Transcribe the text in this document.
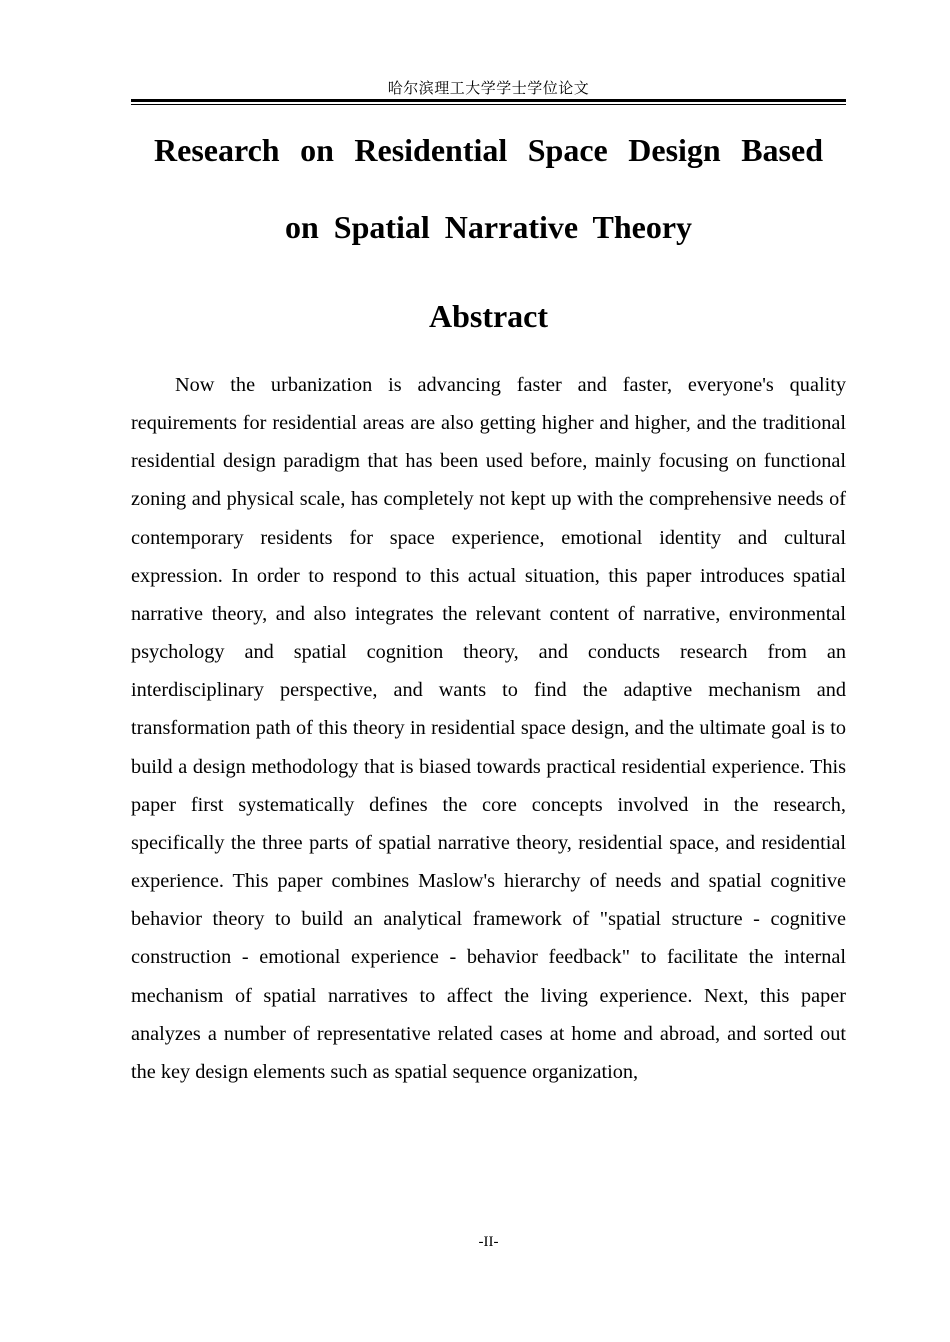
哈尔滨理工大学学士学位论文
Research on Residential Space Design Based
on Spatial Narrative Theory
Abstract

Now the urbanization is advancing faster and faster, everyone's quality requirements for residential areas are also getting higher and higher, and the traditional residential design paradigm that has been used before, mainly focusing on functional zoning and physical scale, has completely not kept up with the comprehensive needs of contemporary residents for space experience, emotional identity and cultural expression. In order to respond to this actual situation, this paper introduces spatial narrative theory, and also integrates the relevant content of narrative, environmental psychology and spatial cognition theory, and conducts research from an interdisciplinary perspective, and wants to find the adaptive mechanism and transformation path of this theory in residential space design, and the ultimate goal is to build a design methodology that is biased towards practical residential experience. This paper first systematically defines the core concepts involved in the research, specifically the three parts of spatial narrative theory, residential space, and residential experience. This paper combines Maslow's hierarchy of needs and spatial cognitive behavior theory to build an analytical framework of "spatial structure - cognitive construction - emotional experience - behavior feedback" to facilitate the internal mechanism of spatial narratives to affect the living experience. Next, this paper analyzes a number of representative related cases at home and abroad, and sorted out the key design elements such as spatial sequence organization,

-II-
